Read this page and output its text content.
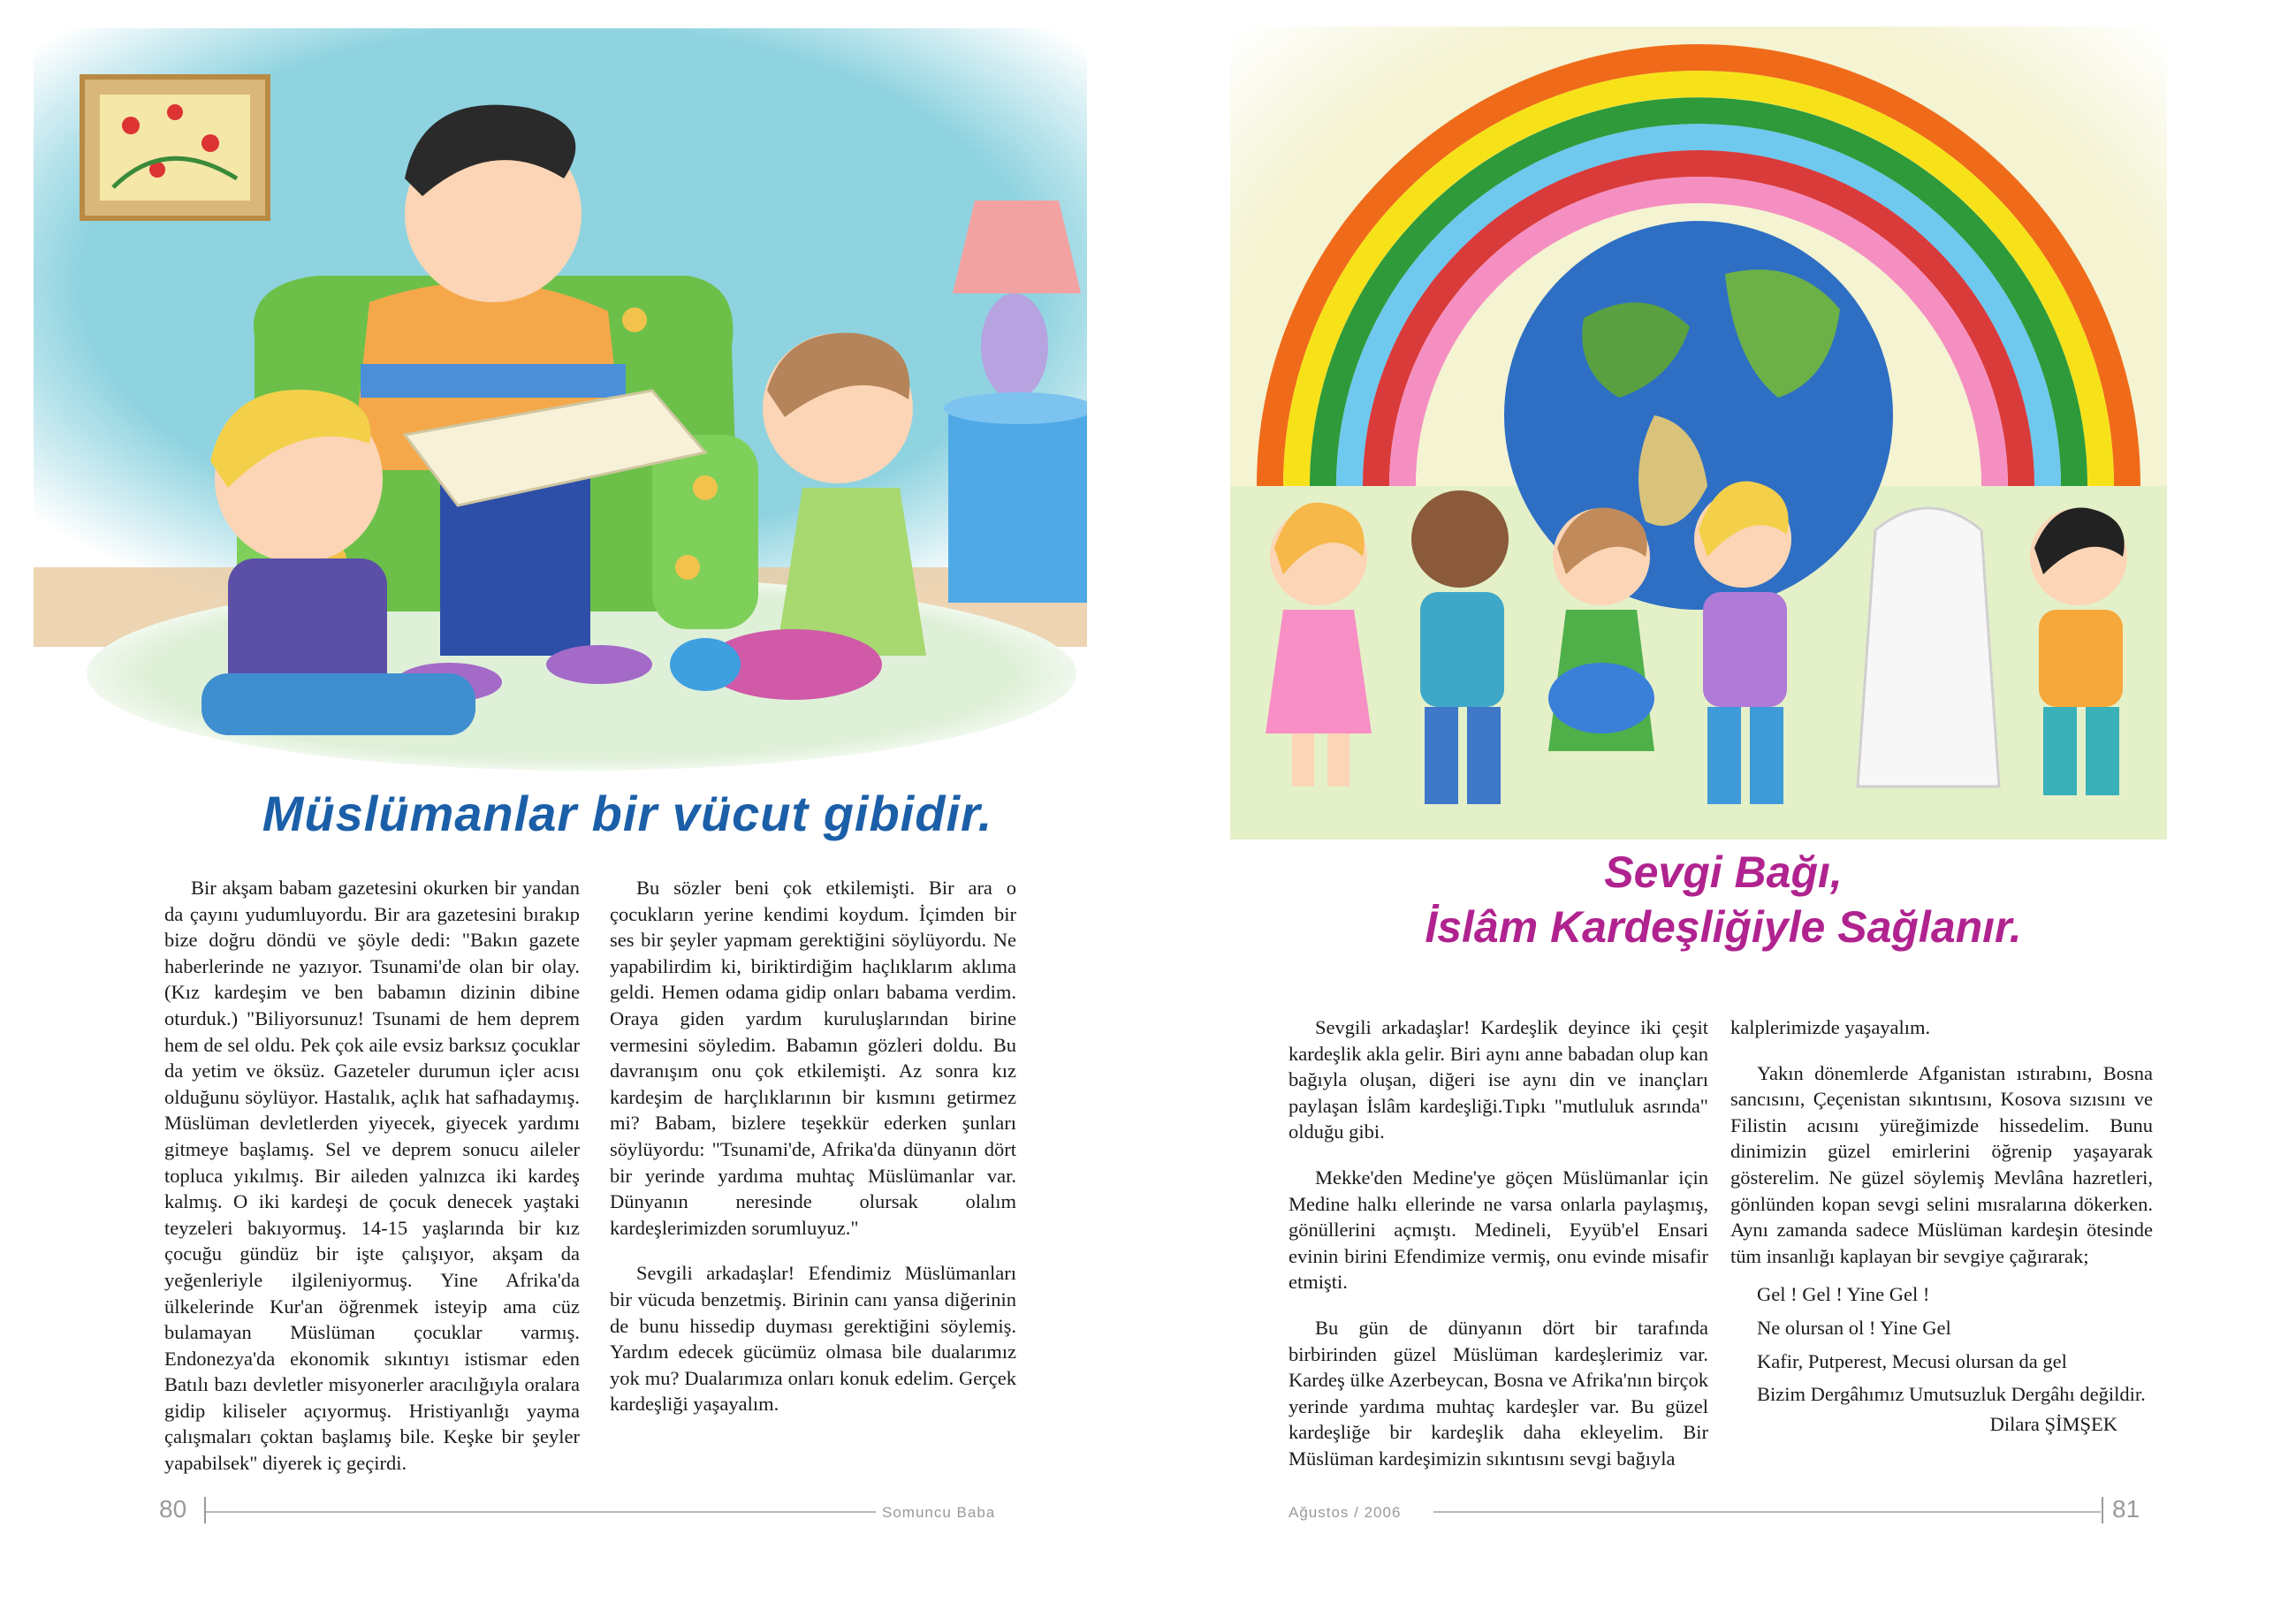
Müslümanlar bir vücut gibidir.

Bir akşam babam gazetesini okurken bir yandan da çayını yudumluyordu. Bir ara gazetesini bırakıp bize doğru döndü ve şöyle dedi: "Bakın gazete haberlerinde ne yazıyor. Tsunami'de olan bir olay. (Kız kardeşim ve ben babamın dizinin dibine oturduk.) "Biliyorsunuz! Tsunami de hem deprem hem de sel oldu. Pek çok aile evsiz barksız çocuklar da yetim ve öksüz. Gazeteler durumun içler acısı olduğunu söylüyor. Hastalık, açlık hat safhadaymış. Müslüman devletlerden yiyecek, giyecek yardımı gitmeye başlamış. Sel ve deprem sonucu aileler topluca yıkılmış. Bir aileden yalnızca iki kardeş kalmış. O iki kardeşi de çocuk denecek yaştaki teyzeleri bakıyormuş. 14-15 yaşlarında bir kız çocuğu gündüz bir işte çalışıyor, akşam da yeğenleriyle ilgileniyormuş. Yine Afrika'da ülkelerinde Kur'an öğrenmek isteyip ama cüz bulamayan Müslüman çocuklar varmış. Endonezya'da ekonomik sıkıntıyı istismar eden Batılı bazı devletler misyonerler aracılığıyla oralara gidip kiliseler açıyormuş. Hristiyanlığı yayma çalışmaları çoktan başlamış bile. Keşke bir şeyler yapabilsek" diyerek iç geçirdi.

Bu sözler beni çok etkilemişti. Bir ara o çocukların yerine kendimi koydum. İçimden bir ses bir şeyler yapmam gerektiğini söylüyordu. Ne yapabilirdim ki, biriktirdiğim haçlıklarım aklıma geldi. Hemen odama gidip onları babama verdim. Oraya giden yardım kuruluşlarından birine vermesini söyledim. Babamın gözleri doldu. Bu davranışım onu çok etkilemişti. Az sonra kız kardeşim de harçlıklarının bir kısmını getirmez mi? Babam, bizlere teşekkür ederken şunları söylüyordu: "Tsunami'de, Afrika'da dünyanın dört bir yerinde yardıma muhtaç Müslümanlar var. Dünyanın neresinde olursak olalım kardeşlerimizden sorumluyuz."

Sevgili arkadaşlar! Efendimiz Müslümanları bir vücuda benzetmiş. Birinin canı yansa diğerinin de bunu hissedip duyması gerektiğini söylemiş. Yardım edecek gücümüz olmasa bile dualarımız yok mu? Dualarımıza onları konuk edelim. Gerçek kardeşliği yaşayalım.

80	Somuncu Baba
Sevgi Bağı,
İslâm Kardeşliğiyle Sağlanır.

Sevgili arkadaşlar! Kardeşlik deyince iki çeşit kardeşlik akla gelir. Biri aynı anne babadan olup kan bağıyla oluşan, diğeri ise aynı din ve inançları paylaşan İslâm kardeşliği.Tıpkı "mutluluk asrında" olduğu gibi.

Mekke'den Medine'ye göçen Müslümanlar için Medine halkı ellerinde ne varsa onlarla paylaşmış, gönüllerini açmıştı. Medineli, Eyyüb'el Ensari evinin birini Efendimize vermiş, onu evinde misafir etmişti.

Bu gün de dünyanın dört bir tarafında birbirinden güzel Müslüman kardeşlerimiz var. Kardeş ülke Azerbeycan, Bosna ve Afrika'nın birçok yerinde yardıma muhtaç kardeşler var. Bu güzel kardeşliğe bir kardeşlik daha ekleyelim. Bir Müslüman kardeşimizin sıkıntısını sevgi bağıyla

kalplerimizde yaşayalım.

Yakın dönemlerde Afganistan ıstırabını, Bosna sancısını, Çeçenistan sıkıntısını, Kosova sızısını ve Filistin acısını yüreğimizde hissedelim. Bunu dinimizin güzel emirlerini öğrenip yaşayarak gösterelim. Ne güzel söylemiş Mevlâna hazretleri, gönlünden kopan sevgi selini mısralarına dökerken. Aynı zamanda sadece Müslüman kardeşin ötesinde tüm insanlığı kaplayan bir sevgiye çağırarak;

Gel ! Gel ! Yine Gel !

Ne olursan ol ! Yine Gel

Kafir, Putperest, Mecusi olursan da gel

Bizim Dergâhımız Umutsuzluk Dergâhı değildir.

Dilara ŞİMŞEK
Ağustos / 2006	81
